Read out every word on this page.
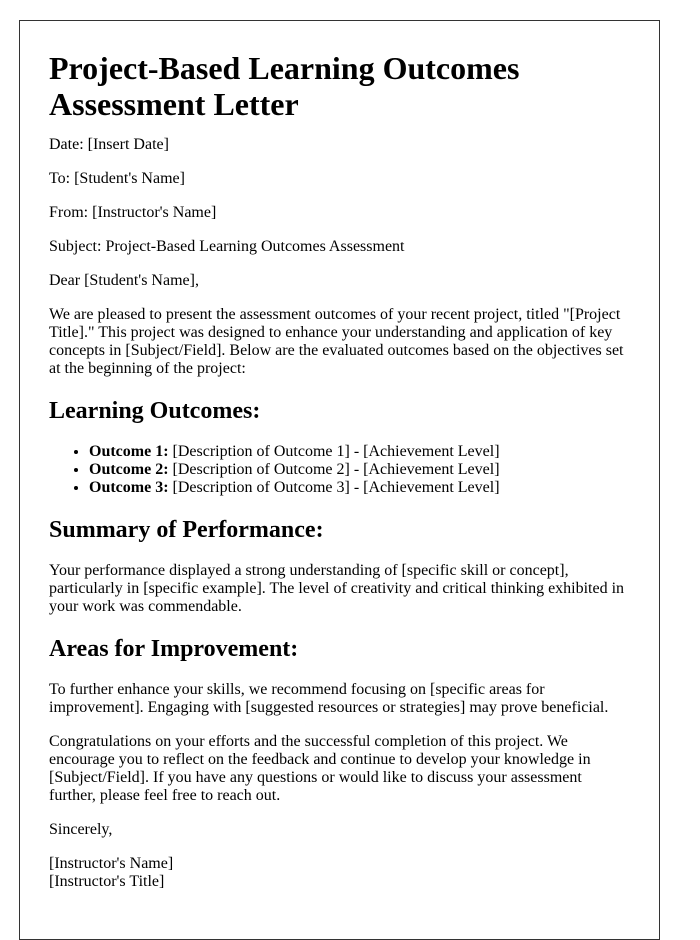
Project-Based Learning Outcomes Assessment Letter

Date: [Insert Date]

To: [Student's Name]

From: [Instructor's Name]

Subject: Project-Based Learning Outcomes Assessment

Dear [Student's Name],

We are pleased to present the assessment outcomes of your recent project, titled "[Project Title]." This project was designed to enhance your understanding and application of key concepts in [Subject/Field]. Below are the evaluated outcomes based on the objectives set at the beginning of the project:

Learning Outcomes:
• Outcome 1: [Description of Outcome 1] - [Achievement Level]
• Outcome 2: [Description of Outcome 2] - [Achievement Level]
• Outcome 3: [Description of Outcome 3] - [Achievement Level]
Summary of Performance:

Your performance displayed a strong understanding of [specific skill or concept], particularly in [specific example]. The level of creativity and critical thinking exhibited in your work was commendable.

Areas for Improvement:

To further enhance your skills, we recommend focusing on [specific areas for improvement]. Engaging with [suggested resources or strategies] may prove beneficial.

Congratulations on your efforts and the successful completion of this project. We encourage you to reflect on the feedback and continue to develop your knowledge in [Subject/Field]. If you have any questions or would like to discuss your assessment further, please feel free to reach out.

Sincerely,

[Instructor's Name]
[Instructor's Title]
